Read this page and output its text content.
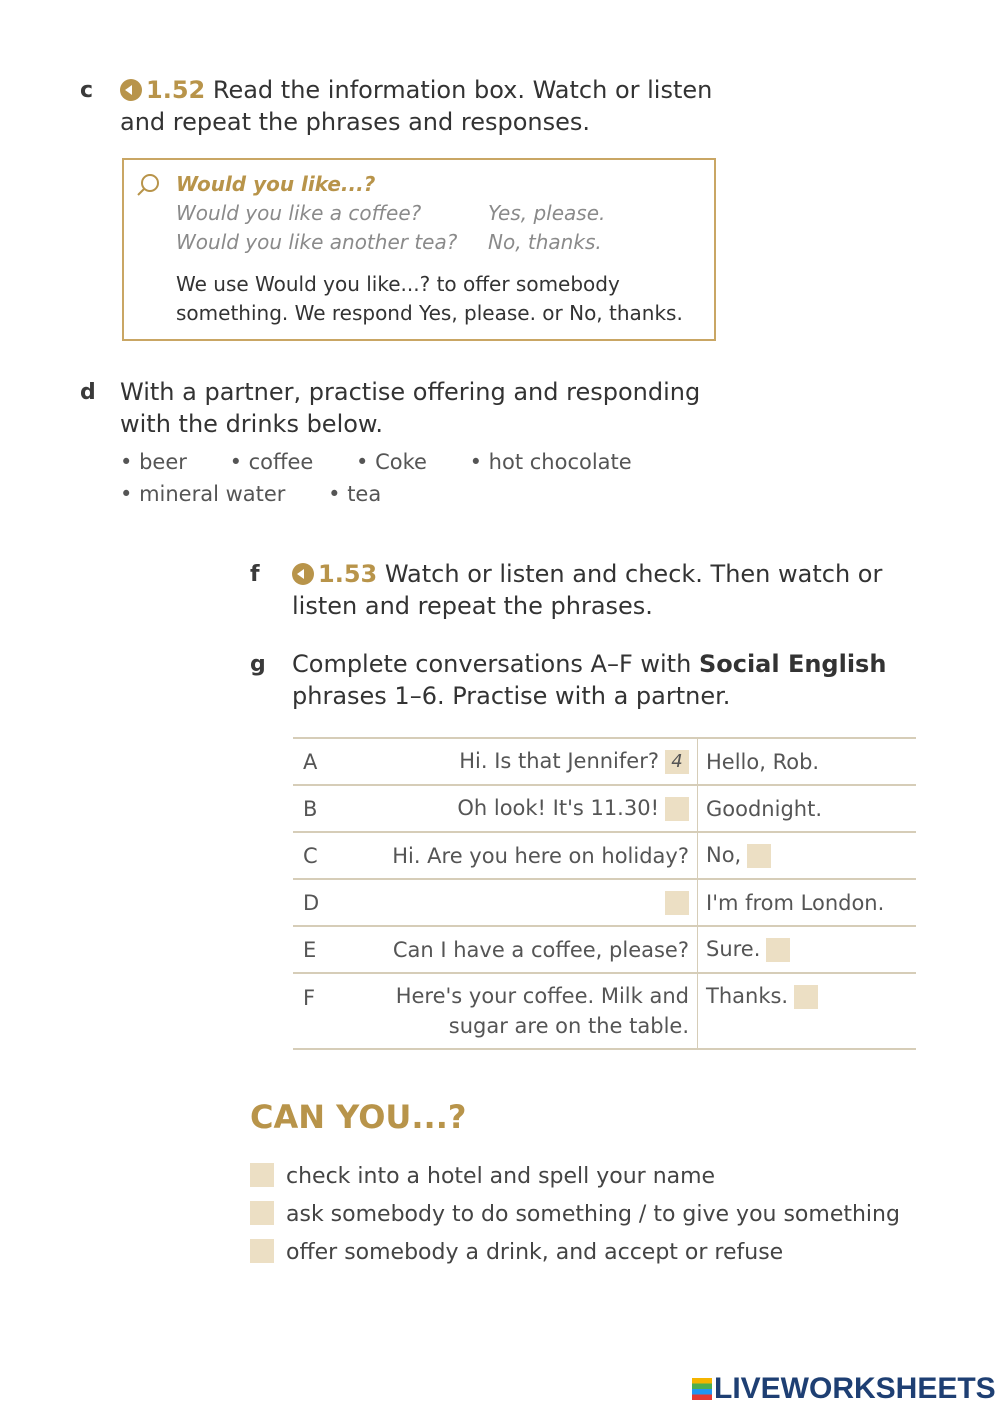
c	1.52 Read the information box. Watch or listen
and repeat the phrases and responses.
Would you like...?
Would you like a coffee?	Yes, please.
Would you like another tea? No, thanks.
We use Would you like...? to offer somebody
something. We respond Yes, please. or No, thanks.
d With a partner, practise offering and responding
with the drinks below.
• beer • coffee • Coke • hot chocolate
• mineral water • tea
f	1.53 Watch or listen and check. Then watch or
listen and repeat the phrases.
g Complete conversations A–F with Social English
phrases 1–6. Practise with a partner.
A	Hi. Is that Jennifer? 4	Hello, Rob.
B	Oh look! It's 11.30!	Goodnight.
C	Hi. Are you here on holiday?	No,
D		I'm from London.
E	Can I have a coffee, please?	Sure.
F	Here's your coffee. Milk and sugar are on the table.	Thanks.
CAN YOU...?
check into a hotel and spell your name
ask somebody to do something / to give you something
offer somebody a drink, and accept or refuse
LIVEWORKSHEETS
